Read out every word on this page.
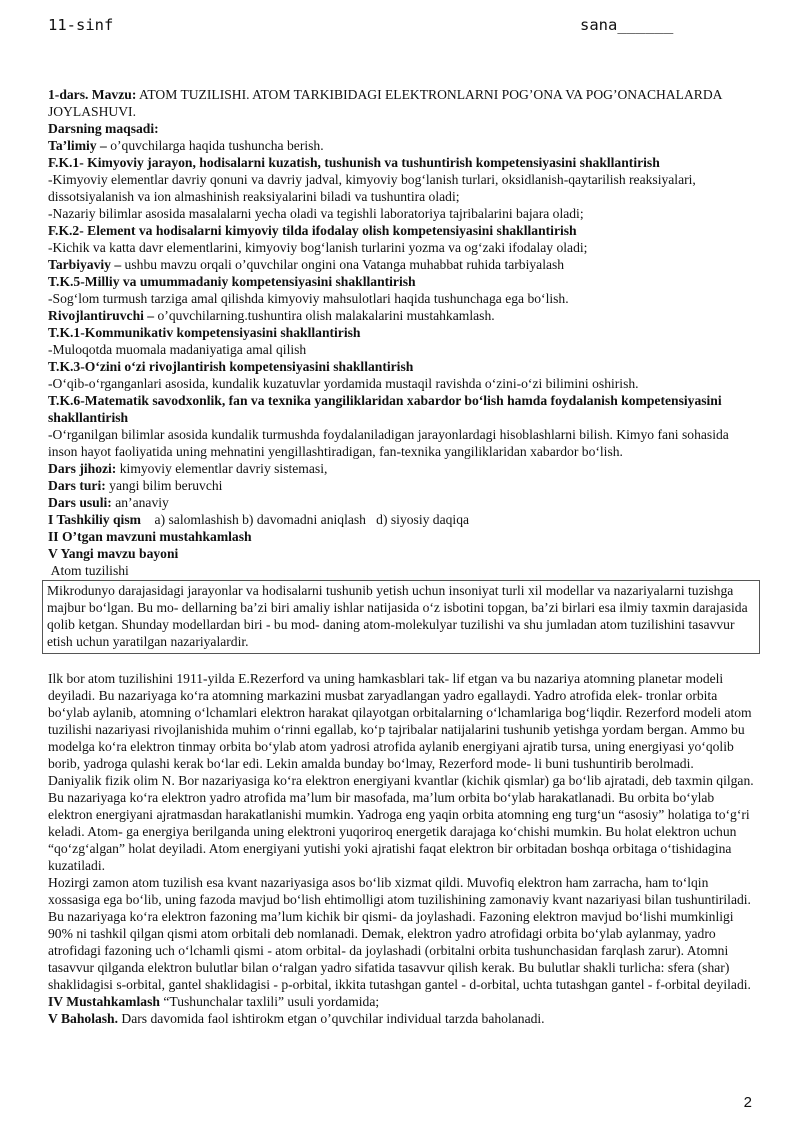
11-sinf	sana______

1-dars. Mavzu: ATOM TUZILISHI. ATOM TARKIBIDAGI ELEKTRONLARNI POG’ONA VA POG’ONACHALARDA

JOYLASHUVI.

Darsning maqsadi:

Ta’limiy – o’quvchilarga haqida tushuncha berish.

F.K.1- Kimyoviy jarayon, hodisalarni kuzatish, tushunish va tushuntirish kompetensiyasini shakllantirish

-Kimyoviy elementlar davriy qonuni va davriy jadval, kimyoviy bog‘lanish turlari, oksidlanish-qaytarilish reaksiyalari, dissotsiyalanish va ion almashinish reaksiyalarini biladi va tushuntira oladi;

-Nazariy bilimlar asosida masalalarni yecha oladi va tegishli laboratoriya tajribalarini bajara oladi;

F.K.2- Element va hodisalarni kimyoviy tilda ifodalay olish kompetensiyasini shakllantirish

-Kichik va katta davr elementlarini, kimyoviy bog‘lanish turlarini yozma va og‘zaki ifodalay oladi;

Tarbiyaviy – ushbu mavzu orqali o’quvchilar ongini ona Vatanga muhabbat ruhida tarbiyalash

T.K.5-Milliy va umummadaniy kompetensiyasini shakllantirish

-Sog‘lom turmush tarziga amal qilishda kimyoviy mahsulotlari haqida tushunchaga ega bo‘lish.

Rivojlantiruvchi – o’quvchilarning.tushuntira olish malakalarini mustahkamlash.

T.K.1-Kommunikativ kompetensiyasini shakllantirish

-Muloqotda muomala madaniyatiga amal qilish

T.K.3-O‘zini o‘zi rivojlantirish kompetensiyasini shakllantirish

-O‘qib-o‘rganganlari asosida, kundalik kuzatuvlar yordamida mustaqil ravishda o‘zini-o‘zi bilimini oshirish.

T.K.6-Matematik savodxonlik, fan va texnika yangiliklaridan xabardor bo‘lish hamda foydalanish kompetensiyasini shakllantirish

-O‘rganilgan bilimlar asosida kundalik turmushda foydalaniladigan jarayonlardagi hisoblashlarni bilish. Kimyo fani sohasida inson hayot faoliyatida uning mehnatini yengillashtiradigan, fan-texnika yangiliklaridan xabardor bo‘lish.

Dars jihozi: kimyoviy elementlar davriy sistemasi,

Dars turi: yangi bilim beruvchi

Dars usuli: an’anaviy

I Tashkiliy qism    a) salomlashish b) davomadni aniqlash   d) siyosiy daqiqa

II O’tgan mavzuni mustahkamlash

V Yangi mavzu bayoni

Atom tuzilishi

Mikrodunyo darajasidagi jarayonlar va hodisalarni tushunib yetish uchun insoniyat turli xil modellar va nazariyalarni tuzishga majbur bo‘lgan. Bu mo- dellarning ba’zi biri amaliy ishlar natijasida o‘z isbotini topgan, ba’zi birlari esa ilmiy taxmin darajasida qolib ketgan. Shunday modellardan biri - bu mod- daning atom-molekulyar tuzilishi va shu jumladan atom tuzilishini tasavvur etish uchun yaratilgan nazariyalardir.

Ilk bor atom tuzilishini 1911-yilda E.Rezerford va uning hamkasblari tak- lif etgan va bu nazariya atomning planetar modeli deyiladi. Bu nazariyaga ko‘ra atomning markazini musbat zaryadlangan yadro egallaydi. Yadro atrofida elek- tronlar orbita bo‘ylab aylanib, atomning o‘lchamlari elektron harakat qilayotgan orbitalarning o‘lchamlariga bog‘liqdir. Rezerford modeli atom tuzilishi nazariyasi rivojlanishida muhim o‘rinni egallab, ko‘p tajribalar natijalarini tushunib yetishga yordam bergan. Ammo bu modelga ko‘ra elektron tinmay orbita bo‘ylab atom yadrosi atrofida aylanib energiyani ajratib tursa, uning energiyasi yo‘qolib borib, yadroga qulashi kerak bo‘lar edi. Lekin amalda bunday bo‘lmay, Rezerford mode- li buni tushuntirib berolmadi.

Daniyalik fizik olim N. Bor nazariyasiga ko‘ra elektron energiyani kvantlar (kichik qismlar) ga bo‘lib ajratadi, deb taxmin qilgan. Bu nazariyaga ko‘ra elektron yadro atrofida ma’lum bir masofada, ma’lum orbita bo‘ylab harakatlanadi. Bu orbita bo‘ylab elektron energiyani ajratmasdan harakatlanishi mumkin. Yadroga eng yaqin orbita atomning eng turg‘un “asosiy” holatiga to‘g‘ri keladi. Atom- ga energiya berilganda uning elektroni yuqoriroq energetik darajaga ko‘chishi mumkin. Bu holat elektron uchun “qo‘zg‘algan” holat deyiladi. Atom energiyani yutishi yoki ajratishi faqat elektron bir orbitadan boshqa orbitaga o‘tishidagina kuzatiladi.

Hozirgi zamon atom tuzilish esa kvant nazariyasiga asos bo‘lib xizmat qildi. Muvofiq elektron ham zarracha, ham to‘lqin xossasiga ega bo‘lib, uning fazoda mavjud bo‘lish ehtimolligi atom tuzilishining zamonaviy kvant nazariyasi bilan tushuntiriladi. Bu nazariyaga ko‘ra elektron fazoning ma’lum kichik bir qismi- da joylashadi. Fazoning elektron mavjud bo‘lishi mumkinligi 90% ni tashkil qilgan qismi atom orbitali deb nomlanadi. Demak, elektron yadro atrofidagi orbita bo‘ylab aylanmay, yadro atrofidagi fazoning uch o‘lchamli qismi - atom orbital- da joylashadi (orbitalni orbita tushunchasidan farqlash zarur). Atomni tasavvur qilganda elektron bulutlar bilan o‘ralgan yadro sifatida tasavvur qilish kerak. Bu bulutlar shakli turlicha: sfera (shar) shaklidagisi s-orbital, gantel shaklidagisi - p-orbital, ikkita tutashgan gantel - d-orbital, uchta tutashgan gantel - f-orbital deyiladi.

IV Mustahkamlash “Tushunchalar taxlili” usuli yordamida;

V Baholash. Dars davomida faol ishtirokm etgan o’quvchilar individual tarzda baholanadi.

2
